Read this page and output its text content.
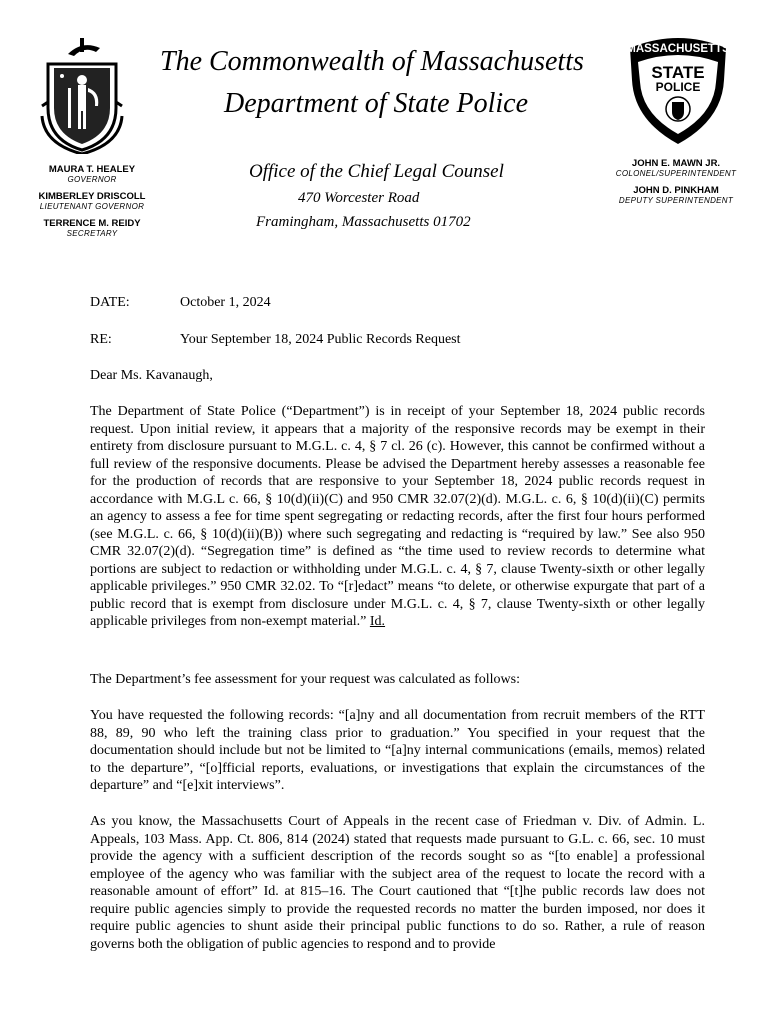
MASSACHUSETTS
STATE
POLICE
The Commonwealth of Massachusetts
Department of State Police
Office of the Chief Legal Counsel
470 Worcester Road
Framingham, Massachusetts 01702
MAURA T. HEALEY
GOVERNOR
KIMBERLEY DRISCOLL
LIEUTENANT GOVERNOR
TERRENCE M. REIDY
SECRETARY
JOHN E. MAWN JR.
COLONEL/SUPERINTENDENT
JOHN D. PINKHAM
DEPUTY SUPERINTENDENT
DATE:	October 1, 2024
RE:	Your September 18, 2024 Public Records Request
Dear Ms. Kavanaugh,
The Department of State Police (“Department”) is in receipt of your September 18, 2024 public records request. Upon initial review, it appears that a majority of the responsive records may be exempt in their entirety from disclosure pursuant to M.G.L. c. 4, § 7 cl. 26 (c). However, this cannot be confirmed without a full review of the responsive documents. Please be advised the Department hereby assesses a reasonable fee for the production of records that are responsive to your September 18, 2024 public records request in accordance with M.G.L c. 66, § 10(d)(ii)(C) and 950 CMR 32.07(2)(d). M.G.L. c. 6, § 10(d)(ii)(C) permits an agency to assess a fee for time spent segregating or redacting records, after the first four hours performed (see M.G.L. c. 66, § 10(d)(ii)(B)) where such segregating and redacting is “required by law.” See also 950 CMR 32.07(2)(d). “Segregation time” is defined as “the time used to review records to determine what portions are subject to redaction or withholding under M.G.L. c. 4, § 7, clause Twenty-sixth or other legally applicable privileges.” 950 CMR 32.02. To “[r]edact” means “to delete, or otherwise expurgate that part of a public record that is exempt from disclosure under M.G.L. c. 4, § 7, clause Twenty-sixth or other legally applicable privileges from non-exempt material.” Id.
The Department’s fee assessment for your request was calculated as follows:
You have requested the following records: “[a]ny and all documentation from recruit members of the RTT 88, 89, 90 who left the training class prior to graduation.” You specified in your request that the documentation should include but not be limited to “[a]ny internal communications (emails, memos) related to the departure”, “[o]fficial reports, evaluations, or investigations that explain the circumstances of the departure” and “[e]xit interviews”.
As you know, the Massachusetts Court of Appeals in the recent case of Friedman v. Div. of Admin. L. Appeals, 103 Mass. App. Ct. 806, 814 (2024) stated that requests made pursuant to G.L. c. 66, sec. 10 must provide the agency with a sufficient description of the records sought so as “[to enable] a professional employee of the agency who was familiar with the subject area of the request to locate the record with a reasonable amount of effort” Id. at 815–16. The Court cautioned that “[t]he public records law does not require public agencies simply to provide the requested records no matter the burden imposed, nor does it require public agencies to shunt aside their principal public functions to do so. Rather, a rule of reason governs both the obligation of public agencies to respond and to provide
